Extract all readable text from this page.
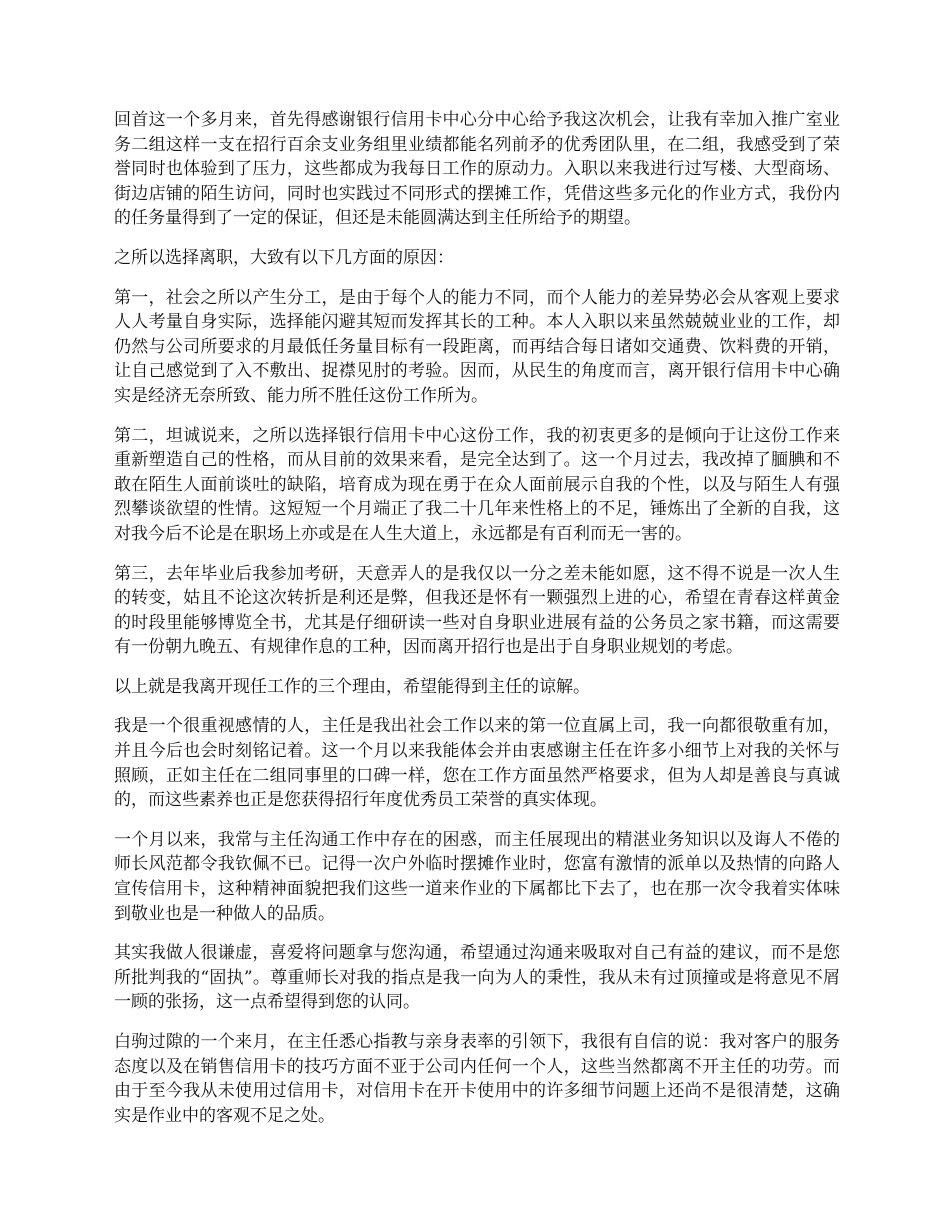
回首这一个多月来，首先得感谢银行信用卡中心分中心给予我这次机会，让我有幸加入推广室业务二组这样一支在招行百余支业务组里业绩都能名列前矛的优秀团队里，在二组，我感受到了荣誉同时也体验到了压力，这些都成为我每日工作的原动力。入职以来我进行过写楼、大型商场、街边店铺的陌生访问，同时也实践过不同形式的摆摊工作，凭借这些多元化的作业方式，我份内的任务量得到了一定的保证，但还是未能圆满达到主任所给予的期望。

之所以选择离职，大致有以下几方面的原因：

第一，社会之所以产生分工，是由于每个人的能力不同，而个人能力的差异势必会从客观上要求人人考量自身实际，选择能闪避其短而发挥其长的工种。本人入职以来虽然兢兢业业的工作，却仍然与公司所要求的月最低任务量目标有一段距离，而再结合每日诸如交通费、饮料费的开销，让自己感觉到了入不敷出、捉襟见肘的考验。因而，从民生的角度而言，离开银行信用卡中心确实是经济无奈所致、能力所不胜任这份工作所为。

第二，坦诚说来，之所以选择银行信用卡中心这份工作，我的初衷更多的是倾向于让这份工作来重新塑造自己的性格，而从目前的效果来看，是完全达到了。这一个月过去，我改掉了腼腆和不敢在陌生人面前谈吐的缺陷，培育成为现在勇于在众人面前展示自我的个性，以及与陌生人有强烈攀谈欲望的性情。这短短一个月端正了我二十几年来性格上的不足，锤炼出了全新的自我，这对我今后不论是在职场上亦或是在人生大道上，永远都是有百利而无一害的。

第三，去年毕业后我参加考研，天意弄人的是我仅以一分之差未能如愿，这不得不说是一次人生的转变，姑且不论这次转折是利还是弊，但我还是怀有一颗强烈上进的心，希望在青春这样黄金的时段里能够博览全书，尤其是仔细研读一些对自身职业进展有益的公务员之家书籍，而这需要有一份朝九晚五、有规律作息的工种，因而离开招行也是出于自身职业规划的考虑。

以上就是我离开现任工作的三个理由，希望能得到主任的谅解。

我是一个很重视感情的人，主任是我出社会工作以来的第一位直属上司，我一向都很敬重有加，并且今后也会时刻铭记着。这一个月以来我能体会并由衷感谢主任在许多小细节上对我的关怀与照顾，正如主任在二组同事里的口碑一样，您在工作方面虽然严格要求，但为人却是善良与真诚的，而这些素养也正是您获得招行年度优秀员工荣誉的真实体现。

一个月以来，我常与主任沟通工作中存在的困惑，而主任展现出的精湛业务知识以及诲人不倦的师长风范都令我钦佩不已。记得一次户外临时摆摊作业时，您富有激情的派单以及热情的向路人宣传信用卡，这种精神面貌把我们这些一道来作业的下属都比下去了，也在那一次令我着实体味到敬业也是一种做人的品质。

其实我做人很谦虚，喜爱将问题拿与您沟通，希望通过沟通来吸取对自己有益的建议，而不是您所批判我的“固执”。尊重师长对我的指点是我一向为人的秉性，我从未有过顶撞或是将意见不屑一顾的张扬，这一点希望得到您的认同。

白驹过隙的一个来月，在主任悉心指教与亲身表率的引领下，我很有自信的说：我对客户的服务态度以及在销售信用卡的技巧方面不亚于公司内任何一个人，这些当然都离不开主任的功劳。而由于至今我从未使用过信用卡，对信用卡在开卡使用中的许多细节问题上还尚不是很清楚，这确实是作业中的客观不足之处。
